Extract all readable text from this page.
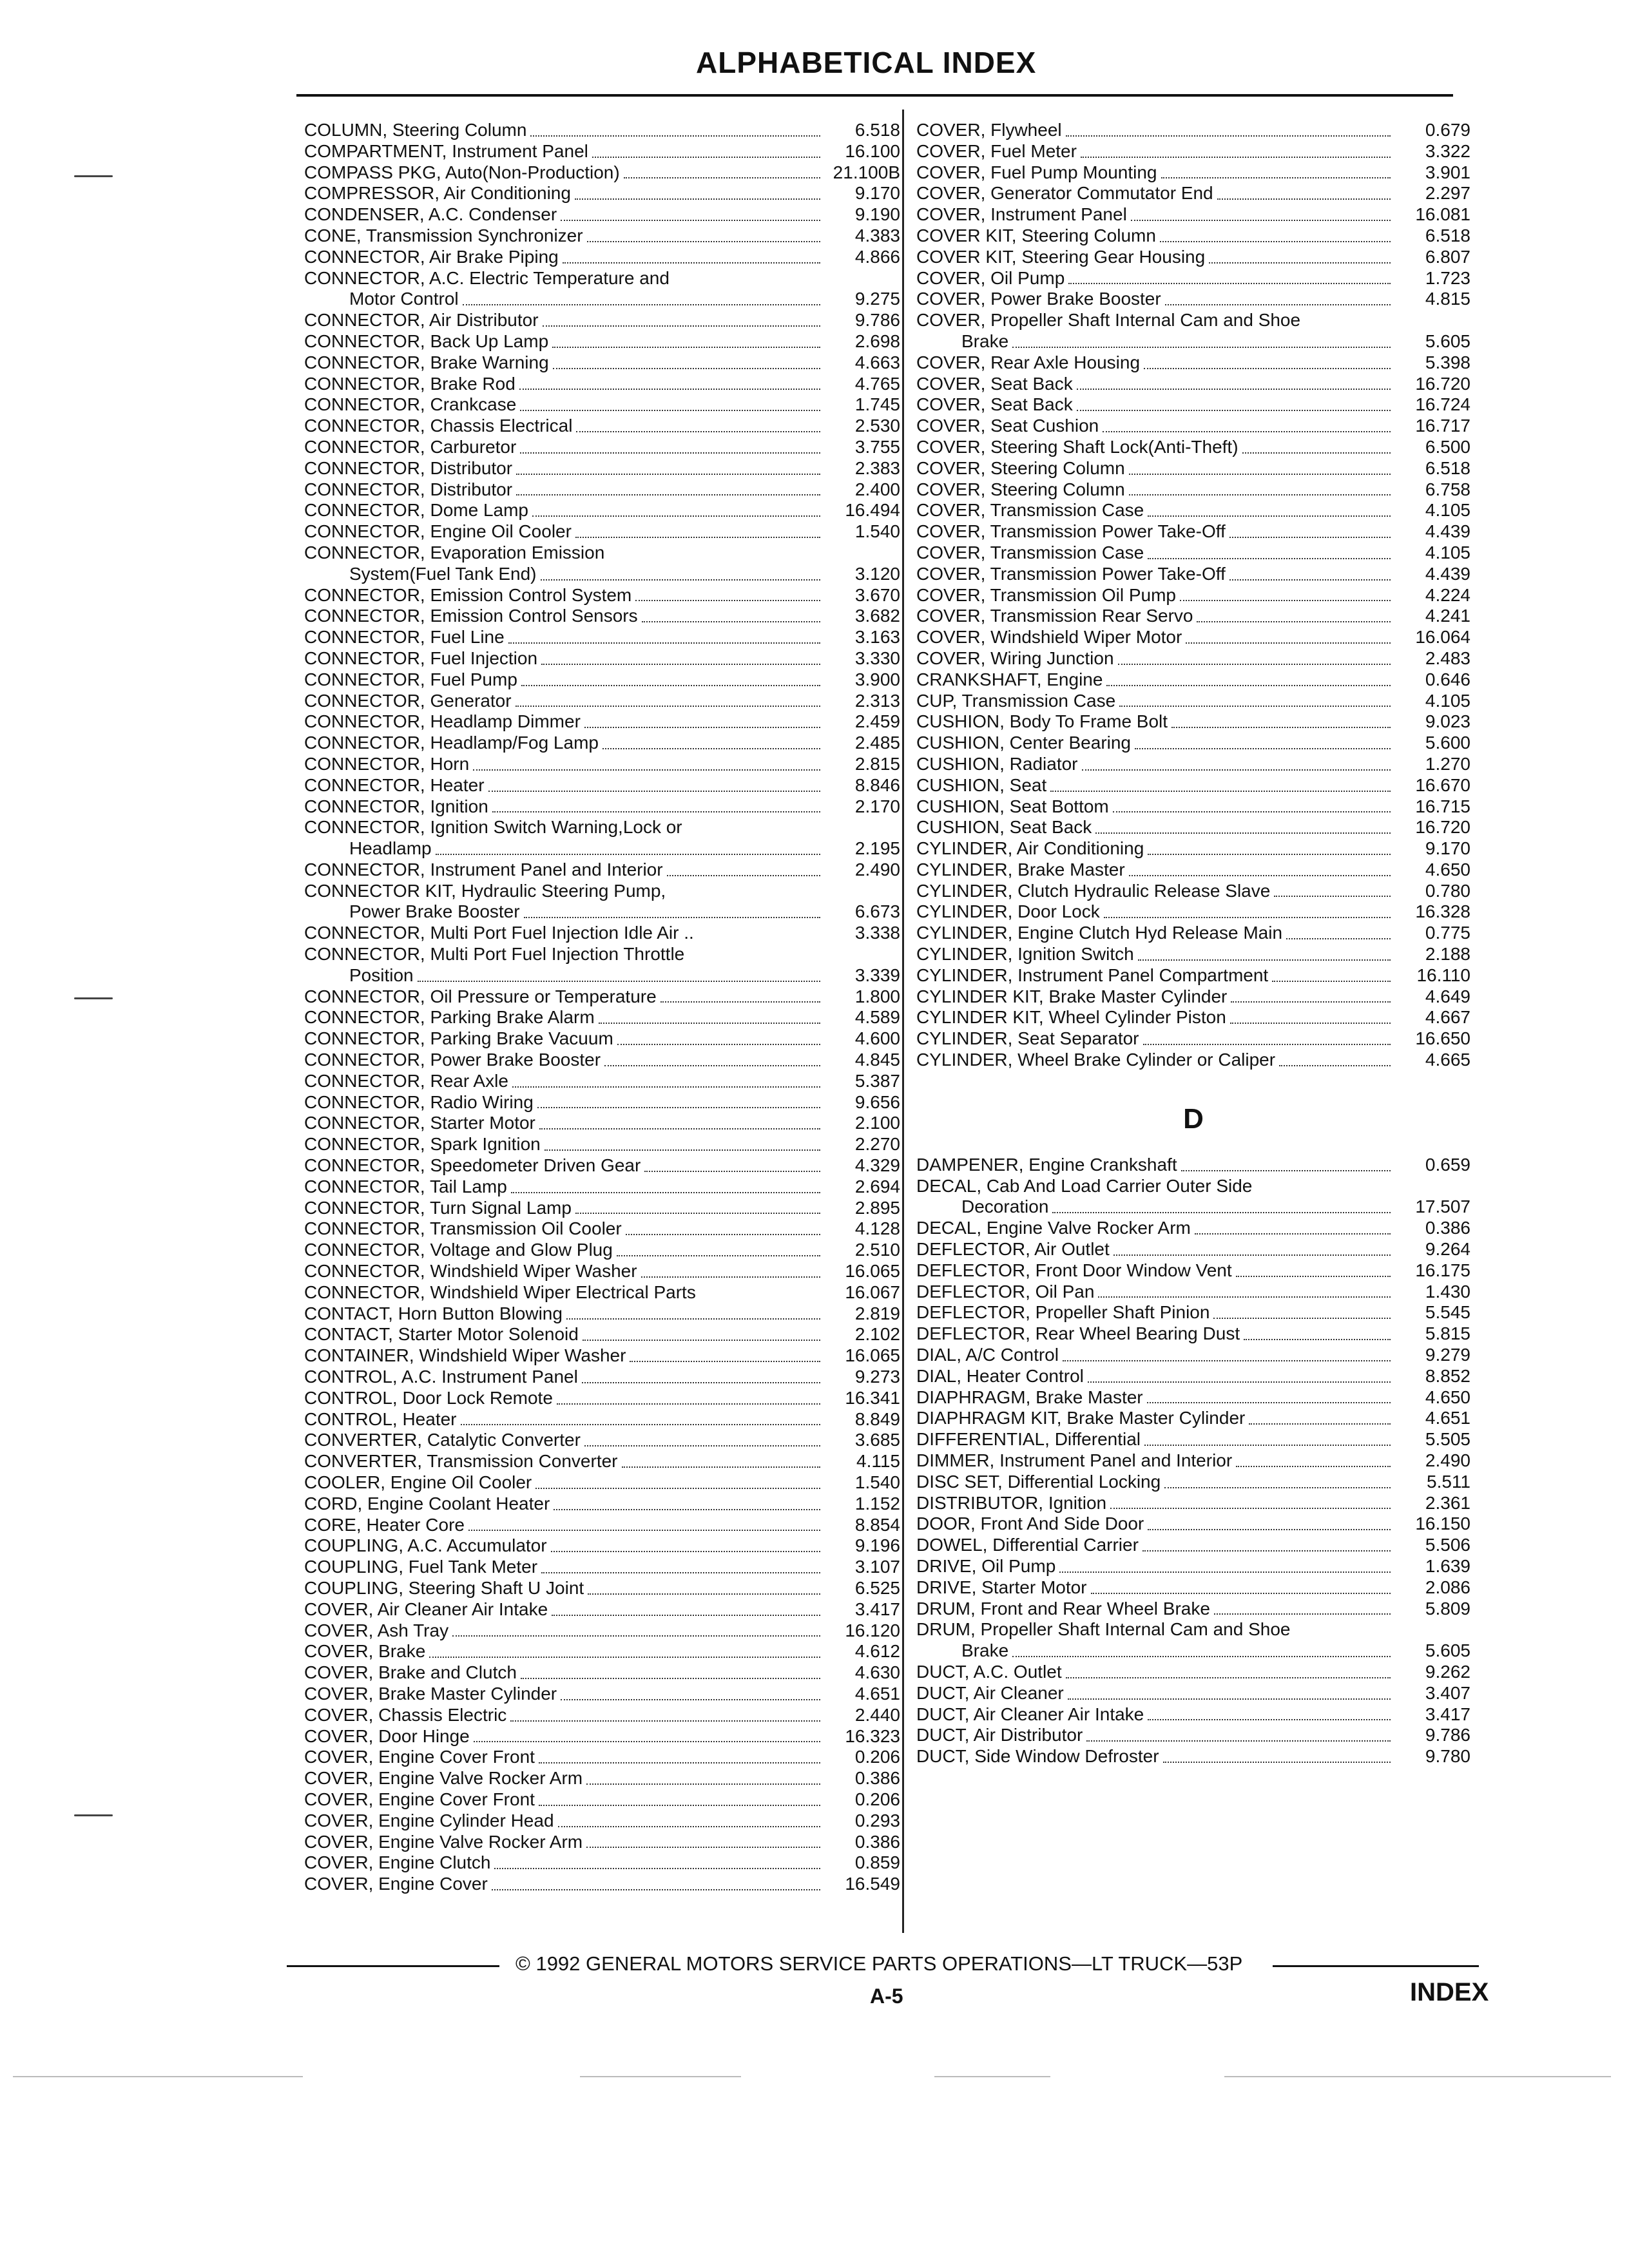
ALPHABETICAL INDEX
COLUMN, Steering Column	6.518
COMPARTMENT, Instrument Panel	16.100
COMPASS PKG, Auto(Non-Production)	21.100B
COMPRESSOR, Air Conditioning	9.170
CONDENSER, A.C. Condenser	9.190
CONE, Transmission Synchronizer	4.383
CONNECTOR, Air Brake Piping	4.866
CONNECTOR, A.C. Electric Temperature and
Motor Control	9.275
CONNECTOR, Air Distributor	9.786
CONNECTOR, Back Up Lamp	2.698
CONNECTOR, Brake Warning	4.663
CONNECTOR, Brake Rod	4.765
CONNECTOR, Crankcase	1.745
CONNECTOR, Chassis Electrical	2.530
CONNECTOR, Carburetor	3.755
CONNECTOR, Distributor	2.383
CONNECTOR, Distributor	2.400
CONNECTOR, Dome Lamp	16.494
CONNECTOR, Engine Oil Cooler	1.540
CONNECTOR, Evaporation Emission
System(Fuel Tank End)	3.120
CONNECTOR, Emission Control System	3.670
CONNECTOR, Emission Control Sensors	3.682
CONNECTOR, Fuel Line	3.163
CONNECTOR, Fuel Injection	3.330
CONNECTOR, Fuel Pump	3.900
CONNECTOR, Generator	2.313
CONNECTOR, Headlamp Dimmer	2.459
CONNECTOR, Headlamp/Fog Lamp	2.485
CONNECTOR, Horn	2.815
CONNECTOR, Heater	8.846
CONNECTOR, Ignition	2.170
CONNECTOR, Ignition Switch Warning,Lock or
Headlamp	2.195
CONNECTOR, Instrument Panel and Interior	2.490
CONNECTOR KIT, Hydraulic Steering Pump,
Power Brake Booster	6.673
CONNECTOR, Multi Port Fuel Injection Idle Air ..	3.338
CONNECTOR, Multi Port Fuel Injection Throttle
Position	3.339
CONNECTOR, Oil Pressure or Temperature	1.800
CONNECTOR, Parking Brake Alarm	4.589
CONNECTOR, Parking Brake Vacuum	4.600
CONNECTOR, Power Brake Booster	4.845
CONNECTOR, Rear Axle	5.387
CONNECTOR, Radio Wiring	9.656
CONNECTOR, Starter Motor	2.100
CONNECTOR, Spark Ignition	2.270
CONNECTOR, Speedometer Driven Gear	4.329
CONNECTOR, Tail Lamp	2.694
CONNECTOR, Turn Signal Lamp	2.895
CONNECTOR, Transmission Oil Cooler	4.128
CONNECTOR, Voltage and Glow Plug	2.510
CONNECTOR, Windshield Wiper Washer	16.065
CONNECTOR, Windshield Wiper Electrical Parts	16.067
CONTACT, Horn Button Blowing	2.819
CONTACT, Starter Motor Solenoid	2.102
CONTAINER, Windshield Wiper Washer	16.065
CONTROL, A.C. Instrument Panel	9.273
CONTROL, Door Lock Remote	16.341
CONTROL, Heater	8.849
CONVERTER, Catalytic Converter	3.685
CONVERTER, Transmission Converter	4.115
COOLER, Engine Oil Cooler	1.540
CORD, Engine Coolant Heater	1.152
CORE, Heater Core	8.854
COUPLING, A.C. Accumulator	9.196
COUPLING, Fuel Tank Meter	3.107
COUPLING, Steering Shaft U Joint	6.525
COVER, Air Cleaner Air Intake	3.417
COVER, Ash Tray	16.120
COVER, Brake	4.612
COVER, Brake and Clutch	4.630
COVER, Brake Master Cylinder	4.651
COVER, Chassis Electric	2.440
COVER, Door Hinge	16.323
COVER, Engine Cover Front	0.206
COVER, Engine Valve Rocker Arm	0.386
COVER, Engine Cover Front	0.206
COVER, Engine Cylinder Head	0.293
COVER, Engine Valve Rocker Arm	0.386
COVER, Engine Clutch	0.859
COVER, Engine Cover	16.549
COVER, Flywheel	0.679
COVER, Fuel Meter	3.322
COVER, Fuel Pump Mounting	3.901
COVER, Generator Commutator End	2.297
COVER, Instrument Panel	16.081
COVER KIT, Steering Column	6.518
COVER KIT, Steering Gear Housing	6.807
COVER, Oil Pump	1.723
COVER, Power Brake Booster	4.815
COVER, Propeller Shaft Internal Cam and Shoe
Brake	5.605
COVER, Rear Axle Housing	5.398
COVER, Seat Back	16.720
COVER, Seat Back	16.724
COVER, Seat Cushion	16.717
COVER, Steering Shaft Lock(Anti-Theft)	6.500
COVER, Steering Column	6.518
COVER, Steering Column	6.758
COVER, Transmission Case	4.105
COVER, Transmission Power Take-Off	4.439
COVER, Transmission Case	4.105
COVER, Transmission Power Take-Off	4.439
COVER, Transmission Oil Pump	4.224
COVER, Transmission Rear Servo	4.241
COVER, Windshield Wiper Motor	16.064
COVER, Wiring Junction	2.483
CRANKSHAFT, Engine	0.646
CUP, Transmission Case	4.105
CUSHION, Body To Frame Bolt	9.023
CUSHION, Center Bearing	5.600
CUSHION, Radiator	1.270
CUSHION, Seat	16.670
CUSHION, Seat Bottom	16.715
CUSHION, Seat Back	16.720
CYLINDER, Air Conditioning	9.170
CYLINDER, Brake Master	4.650
CYLINDER, Clutch Hydraulic Release Slave	0.780
CYLINDER, Door Lock	16.328
CYLINDER, Engine Clutch Hyd Release Main	0.775
CYLINDER, Ignition Switch	2.188
CYLINDER, Instrument Panel Compartment	16.110
CYLINDER KIT, Brake Master Cylinder	4.649
CYLINDER KIT, Wheel Cylinder Piston	4.667
CYLINDER, Seat Separator	16.650
CYLINDER, Wheel Brake Cylinder or Caliper	4.665
D
DAMPENER, Engine Crankshaft	0.659
DECAL, Cab And Load Carrier Outer Side
Decoration	17.507
DECAL, Engine Valve Rocker Arm	0.386
DEFLECTOR, Air Outlet	9.264
DEFLECTOR, Front Door Window Vent	16.175
DEFLECTOR, Oil Pan	1.430
DEFLECTOR, Propeller Shaft Pinion	5.545
DEFLECTOR, Rear Wheel Bearing Dust	5.815
DIAL, A/C Control	9.279
DIAL, Heater Control	8.852
DIAPHRAGM, Brake Master	4.650
DIAPHRAGM KIT, Brake Master Cylinder	4.651
DIFFERENTIAL, Differential	5.505
DIMMER, Instrument Panel and Interior	2.490
DISC SET, Differential Locking	5.511
DISTRIBUTOR, Ignition	2.361
DOOR, Front And Side Door	16.150
DOWEL, Differential Carrier	5.506
DRIVE, Oil Pump	1.639
DRIVE, Starter Motor	2.086
DRUM, Front and Rear Wheel Brake	5.809
DRUM, Propeller Shaft Internal Cam and Shoe
Brake	5.605
DUCT, A.C. Outlet	9.262
DUCT, Air Cleaner	3.407
DUCT, Air Cleaner Air Intake	3.417
DUCT, Air Distributor	9.786
DUCT, Side Window Defroster	9.780
© 1992 GENERAL MOTORS SERVICE PARTS OPERATIONS—LT TRUCK—53P
A-5	INDEX
